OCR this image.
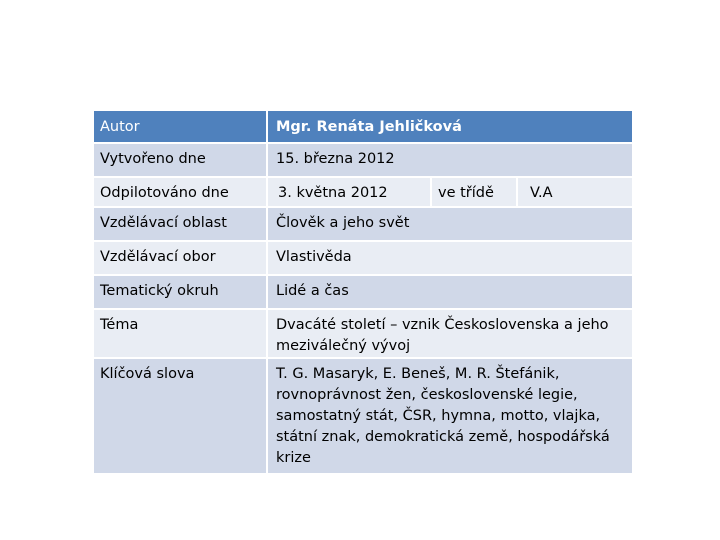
Autor	Mgr. Renáta Jehličková
Vytvořeno dne	15. března 2012
Odpilotováno dne	3. května 2012	ve třídě	V.A
Vzdělávací oblast	Člověk a jeho svět
Vzdělávací obor	Vlastivěda
Tematický okruh	Lidé a čas
Téma	Dvacáté století – vznik Československa a jeho meziválečný vývoj
Klíčová slova	T. G. Masaryk, E. Beneš, M. R. Štefánik, rovnoprávnost žen, československé legie, samostatný stát, ČSR, hymna, motto, vlajka, státní znak, demokratická země, hospodářská krize
